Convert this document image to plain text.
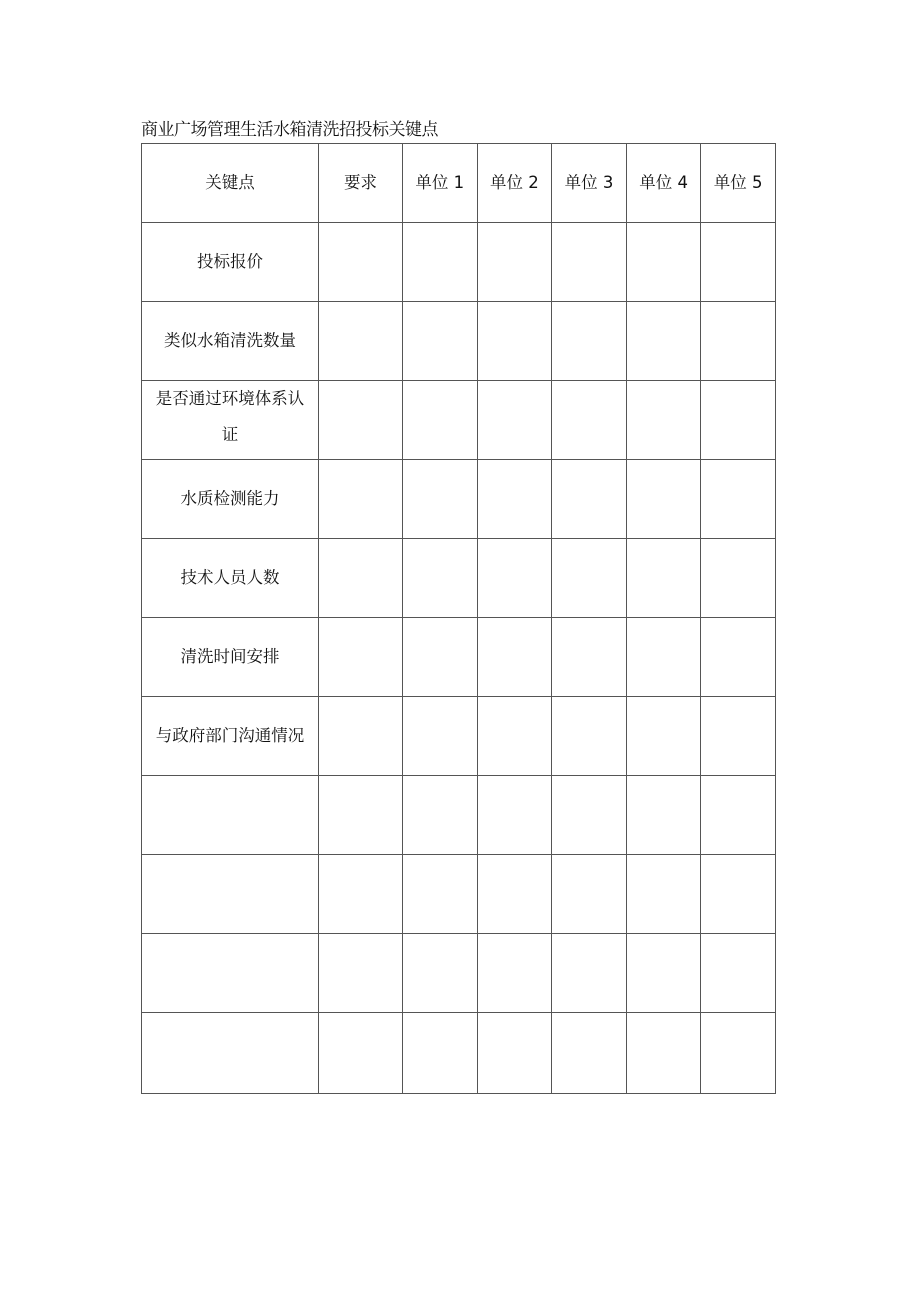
商业广场管理生活水箱清洗招投标关键点
关键点	要求	单位 1	单位 2	单位 3	单位 4	单位 5
投标报价						
类似水箱清洗数量						
是否通过环境体系认证						
水质检测能力						
技术人员人数						
清洗时间安排						
与政府部门沟通情况						
